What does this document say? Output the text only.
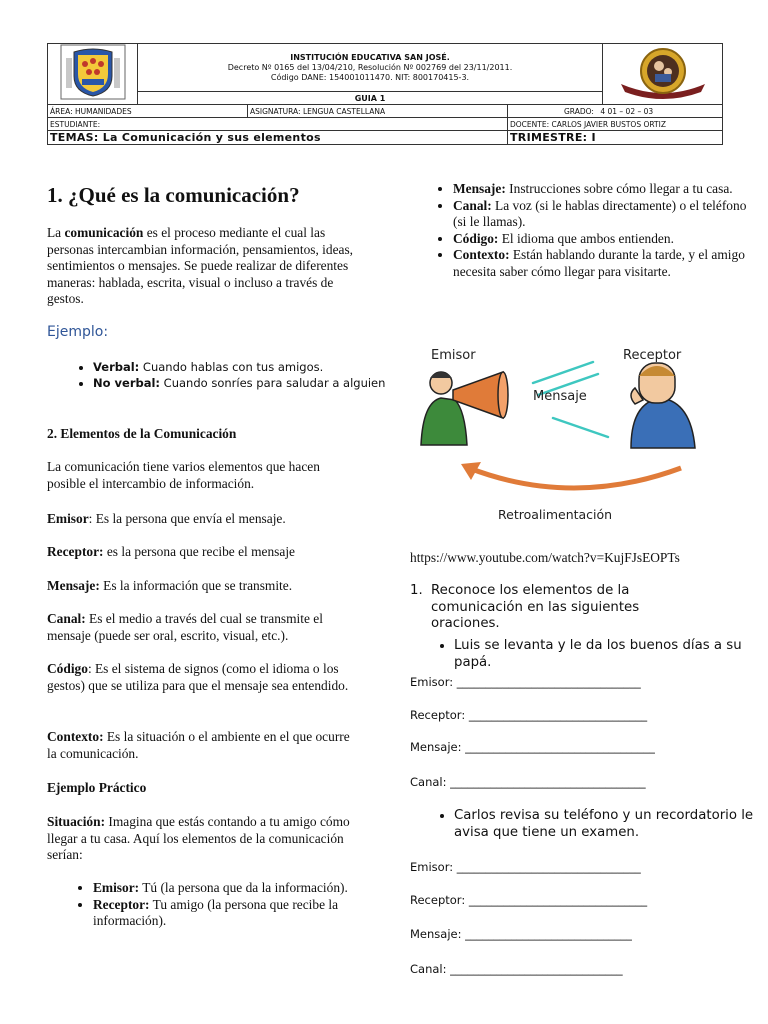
	INSTITUCIÓN EDUCATIVA SAN JOSÉ.
Decreto Nº 0165 del 13/04/210, Resolución Nº 002769 del 23/11/2011.
Código DANE: 154001011470. NIT: 800170415-3.	
	GUIA 1			
ÁREA: HUMANIDADES		ASIGNATURA: LENGUA CASTELLANA	GRADO: 4 01 – 02 – 03	
ESTUDIANTE:			DOCENTE: CARLOS JAVIER BUSTOS ORTIZ	
TEMAS: La Comunicación y sus elementos			TRIMESTRE: I	
1. ¿Qué es la comunicación?

La comunicación es el proceso mediante el cual las personas intercambian información, pensamientos, ideas, sentimientos o mensajes. Se puede realizar de diferentes maneras: hablada, escrita, visual o incluso a través de gestos.

Ejemplo:
• Verbal: Cuando hablas con tus amigos.
• No verbal: Cuando sonríes para saludar a alguien

2. Elementos de la Comunicación

La comunicación tiene varios elementos que hacen posible el intercambio de información.

Emisor: Es la persona que envía el mensaje.

Receptor: es la persona que recibe el mensaje

Mensaje: Es la información que se transmite.

Canal: Es el medio a través del cual se transmite el mensaje (puede ser oral, escrito, visual, etc.).

Código: Es el sistema de signos (como el idioma o los gestos) que se utiliza para que el mensaje sea entendido.

Contexto: Es la situación o el ambiente en el que ocurre la comunicación.

Ejemplo Práctico

Situación: Imagina que estás contando a tu amigo cómo llegar a tu casa. Aquí los elementos de la comunicación serían:

• Emisor: Tú (la persona que da la información).
• Receptor: Tu amigo (la persona que recibe la información).
• Mensaje: Instrucciones sobre cómo llegar a tu casa.
• Canal: La voz (si le hablas directamente) o el teléfono (si le llamas).
• Código: El idioma que ambos entienden.
• Contexto: Están hablando durante la tarde, y el amigo necesita saber cómo llegar para visitarte.
Emisor	Receptor
Mensaje
Retroalimentación

https://www.youtube.com/watch?v=KujFJsEOPTs

1. Reconoce los elementos de la comunicación en las siguientes oraciones.
• Luis se levanta y le da los buenos días a su papá.
Emisor: ________________________________
Receptor: _______________________________
Mensaje: _________________________________
Canal: __________________________________
• Carlos revisa su teléfono y un recordatorio le avisa que tiene un examen.
Emisor: ________________________________
Receptor: _______________________________
Mensaje: _____________________________
Canal: ______________________________
